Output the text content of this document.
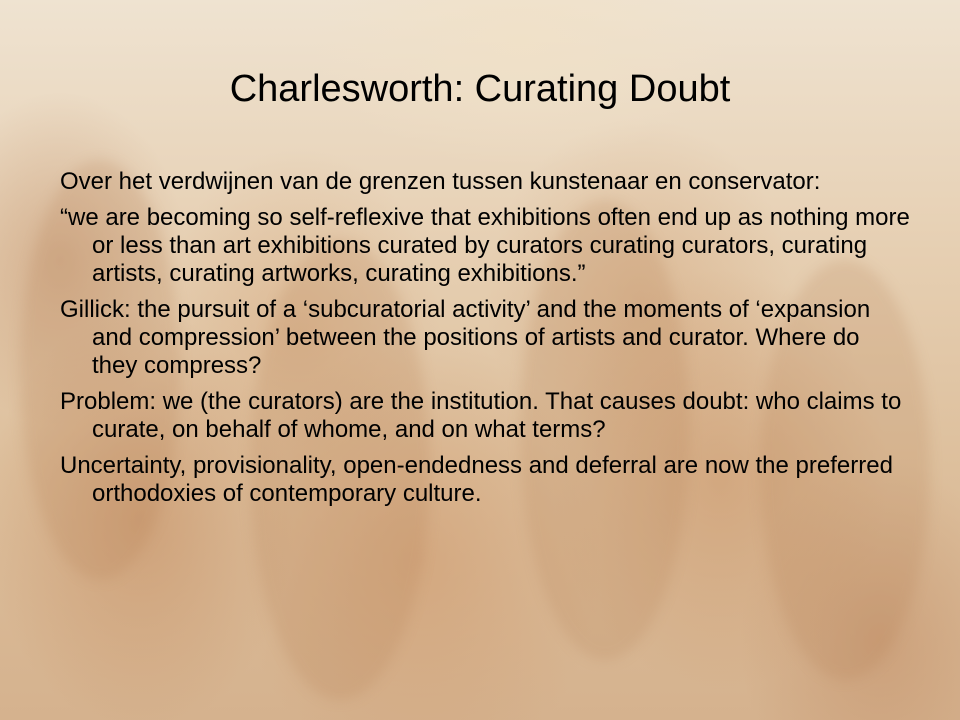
Charlesworth: Curating Doubt
Over het verdwijnen van de grenzen tussen kunstenaar en conservator:
“we are becoming so self-reflexive that exhibitions often end up as nothing more or less than art exhibitions curated by curators curating curators, curating artists, curating artworks, curating exhibitions.”
Gillick: the pursuit of a ‘subcuratorial activity’ and the moments of ‘expansion and compression’ between the positions of artists and curator. Where do they compress?
Problem: we (the curators) are the institution. That causes doubt: who claims to curate, on behalf of whome, and on what terms?
Uncertainty, provisionality, open-endedness and deferral are now the preferred orthodoxies of contemporary culture.
